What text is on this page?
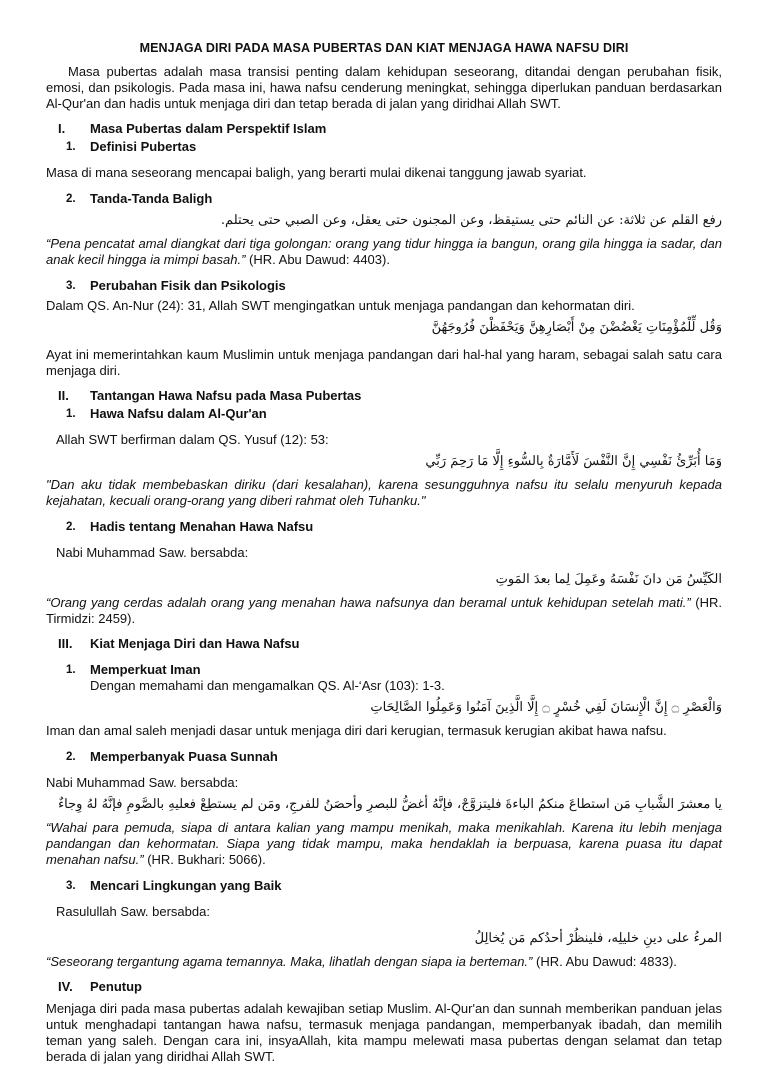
MENJAGA DIRI PADA MASA PUBERTAS DAN KIAT MENJAGA HAWA NAFSU DIRI

Masa pubertas adalah masa transisi penting dalam kehidupan seseorang, ditandai dengan perubahan fisik, emosi, dan psikologis. Pada masa ini, hawa nafsu cenderung meningkat, sehingga diperlukan panduan berdasarkan Al-Qur'an dan hadis untuk menjaga diri dan tetap berada di jalan yang diridhai Allah SWT.

I.	Masa Pubertas dalam Perspektif Islam
1.	Definisi Pubertas

Masa di mana seseorang mencapai baligh, yang berarti mulai dikenai tanggung jawab syariat.

2.	Tanda-Tanda Baligh

رفع القلم عن ثلاثة: عن النائم حتى يستيقظ، وعن المجنون حتى يعقل، وعن الصبي حتى يحتلم.

“Pena pencatat amal diangkat dari tiga golongan: orang yang tidur hingga ia bangun, orang gila hingga ia sadar, dan anak kecil hingga ia mimpi basah.” (HR. Abu Dawud: 4403).

3.	Perubahan Fisik dan Psikologis

Dalam QS. An-Nur (24): 31, Allah SWT mengingatkan untuk menjaga pandangan dan kehormatan diri.

وَقُل لِّلْمُؤْمِنَاتِ يَغْضُضْنَ مِنْ أَبْصَارِهِنَّ وَيَحْفَظْنَ فُرُوجَهُنَّ

Ayat ini memerintahkan kaum Muslimin untuk menjaga pandangan dari hal-hal yang haram, sebagai salah satu cara menjaga diri.

II.	Tantangan Hawa Nafsu pada Masa Pubertas
1.	Hawa Nafsu dalam Al-Qur'an

Allah SWT berfirman dalam QS. Yusuf (12): 53:

وَمَا أُبَرِّئُ نَفْسِي إِنَّ النَّفْسَ لَأَمَّارَةٌ بِالسُّوءِ إِلَّا مَا رَحِمَ رَبِّي

"Dan aku tidak membebaskan diriku (dari kesalahan), karena sesungguhnya nafsu itu selalu menyuruh kepada kejahatan, kecuali orang-orang yang diberi rahmat oleh Tuhanku."

2.	Hadis tentang Menahan Hawa Nafsu

Nabi Muhammad Saw. bersabda:

الكَيِّسُ مَن دانَ نَفْسَهُ وعَمِلَ لِما بعدَ المَوتِ

“Orang yang cerdas adalah orang yang menahan hawa nafsunya dan beramal untuk kehidupan setelah mati.” (HR. Tirmidzi: 2459).

III.	Kiat Menjaga Diri dan Hawa Nafsu
1.	Memperkuat Iman

Dengan memahami dan mengamalkan QS. Al-‘Asr (103): 1-3.

وَالْعَصْرِ ۝ إِنَّ الْإِنسَانَ لَفِي خُسْرٍ ۝ إِلَّا الَّذِينَ آمَنُوا وَعَمِلُوا الصَّالِحَاتِ

Iman dan amal saleh menjadi dasar untuk menjaga diri dari kerugian, termasuk kerugian akibat hawa nafsu.

2.	Memperbanyak Puasa Sunnah

Nabi Muhammad Saw. bersabda:

يا معشرَ الشَّبابِ مَن استطاعَ منكمُ الباءةَ فليتزوَّجْ، فإنَّهُ أغضُّ للبصرِ وأحصَنُ للفرجِ، ومَن لم يستطِعْ فعليهِ بالصَّومِ فإنَّهُ لهُ وِجاءٌ

“Wahai para pemuda, siapa di antara kalian yang mampu menikah, maka menikahlah. Karena itu lebih menjaga pandangan dan kehormatan. Siapa yang tidak mampu, maka hendaklah ia berpuasa, karena puasa itu dapat menahan nafsu.” (HR. Bukhari: 5066).

3.	Mencari Lingkungan yang Baik

Rasulullah Saw. bersabda:

المرءُ على دينِ خليلِه، فلينظُرْ أحدُكم مَن يُخالِلُ

“Seseorang tergantung agama temannya. Maka, lihatlah dengan siapa ia berteman.” (HR. Abu Dawud: 4833).

IV.	Penutup

Menjaga diri pada masa pubertas adalah kewajiban setiap Muslim. Al-Qur'an dan sunnah memberikan panduan jelas untuk menghadapi tantangan hawa nafsu, termasuk menjaga pandangan, memperbanyak ibadah, dan memilih teman yang saleh. Dengan cara ini, insyaAllah, kita mampu melewati masa pubertas dengan selamat dan tetap berada di jalan yang diridhai Allah SWT.
